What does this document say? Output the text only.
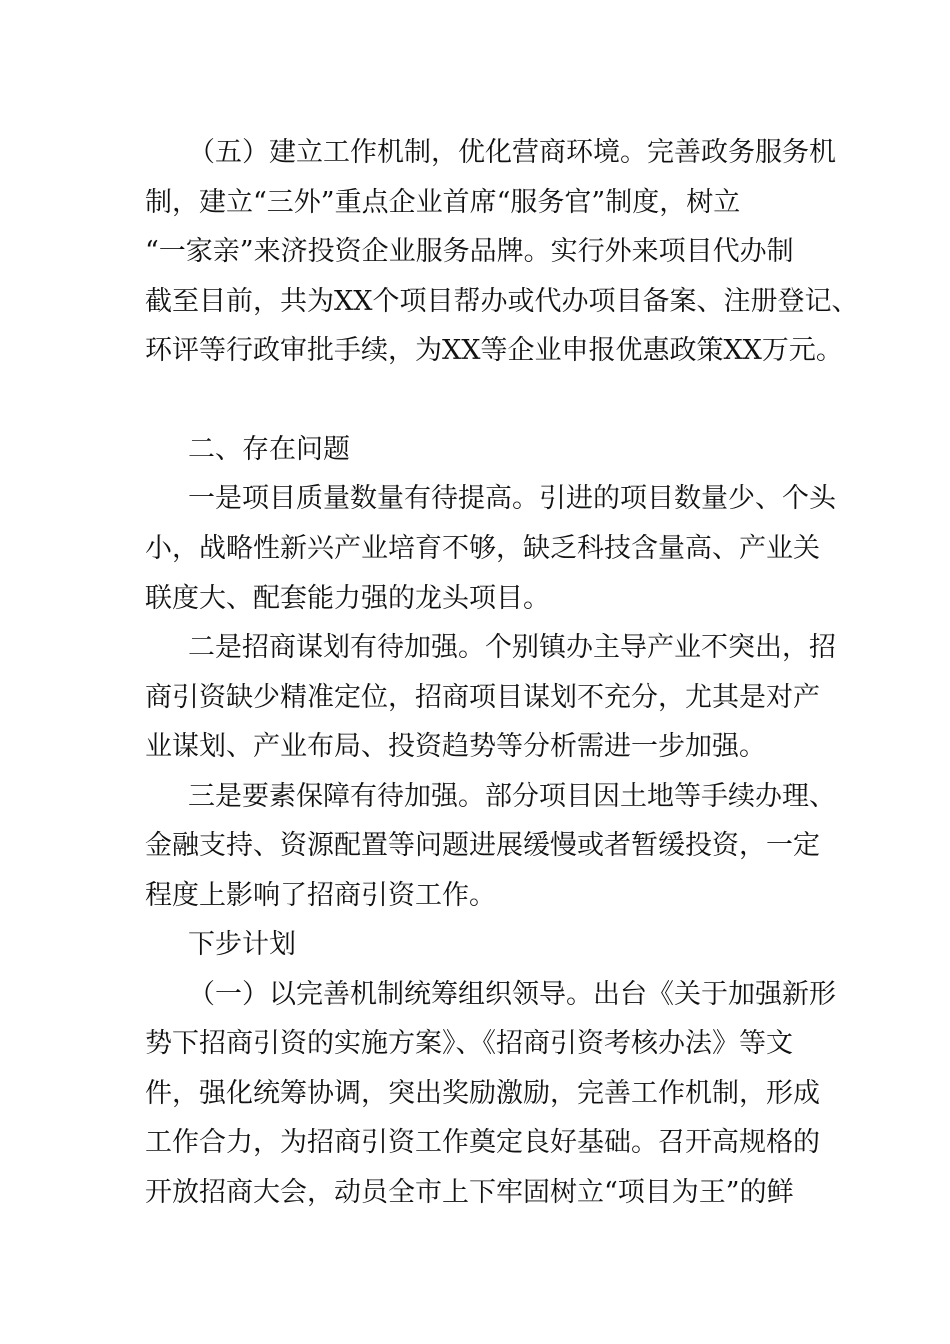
（五）建立工作机制，优化营商环境。完善政务服务机
制，建立“三外”重点企业首席“服务官”制度，树立
“一家亲”来济投资企业服务品牌。实行外来项目代办制
截至目前，共为XX个项目帮办或代办项目备案、注册登记、
环评等行政审批手续，为XX等企业申报优惠政策XX万元。
二、存在问题
一是项目质量数量有待提高。引进的项目数量少、个头
小，战略性新兴产业培育不够，缺乏科技含量高、产业关
联度大、配套能力强的龙头项目。
二是招商谋划有待加强。个别镇办主导产业不突出，招
商引资缺少精准定位，招商项目谋划不充分，尤其是对产
业谋划、产业布局、投资趋势等分析需进一步加强。
三是要素保障有待加强。部分项目因土地等手续办理、
金融支持、资源配置等问题进展缓慢或者暂缓投资，一定
程度上影响了招商引资工作。
下步计划
（一）以完善机制统筹组织领导。出台《关于加强新形
势下招商引资的实施方案》、《招商引资考核办法》等文
件，强化统筹协调，突出奖励激励，完善工作机制，形成
工作合力，为招商引资工作奠定良好基础。召开高规格的
开放招商大会，动员全市上下牢固树立“项目为王”的鲜
